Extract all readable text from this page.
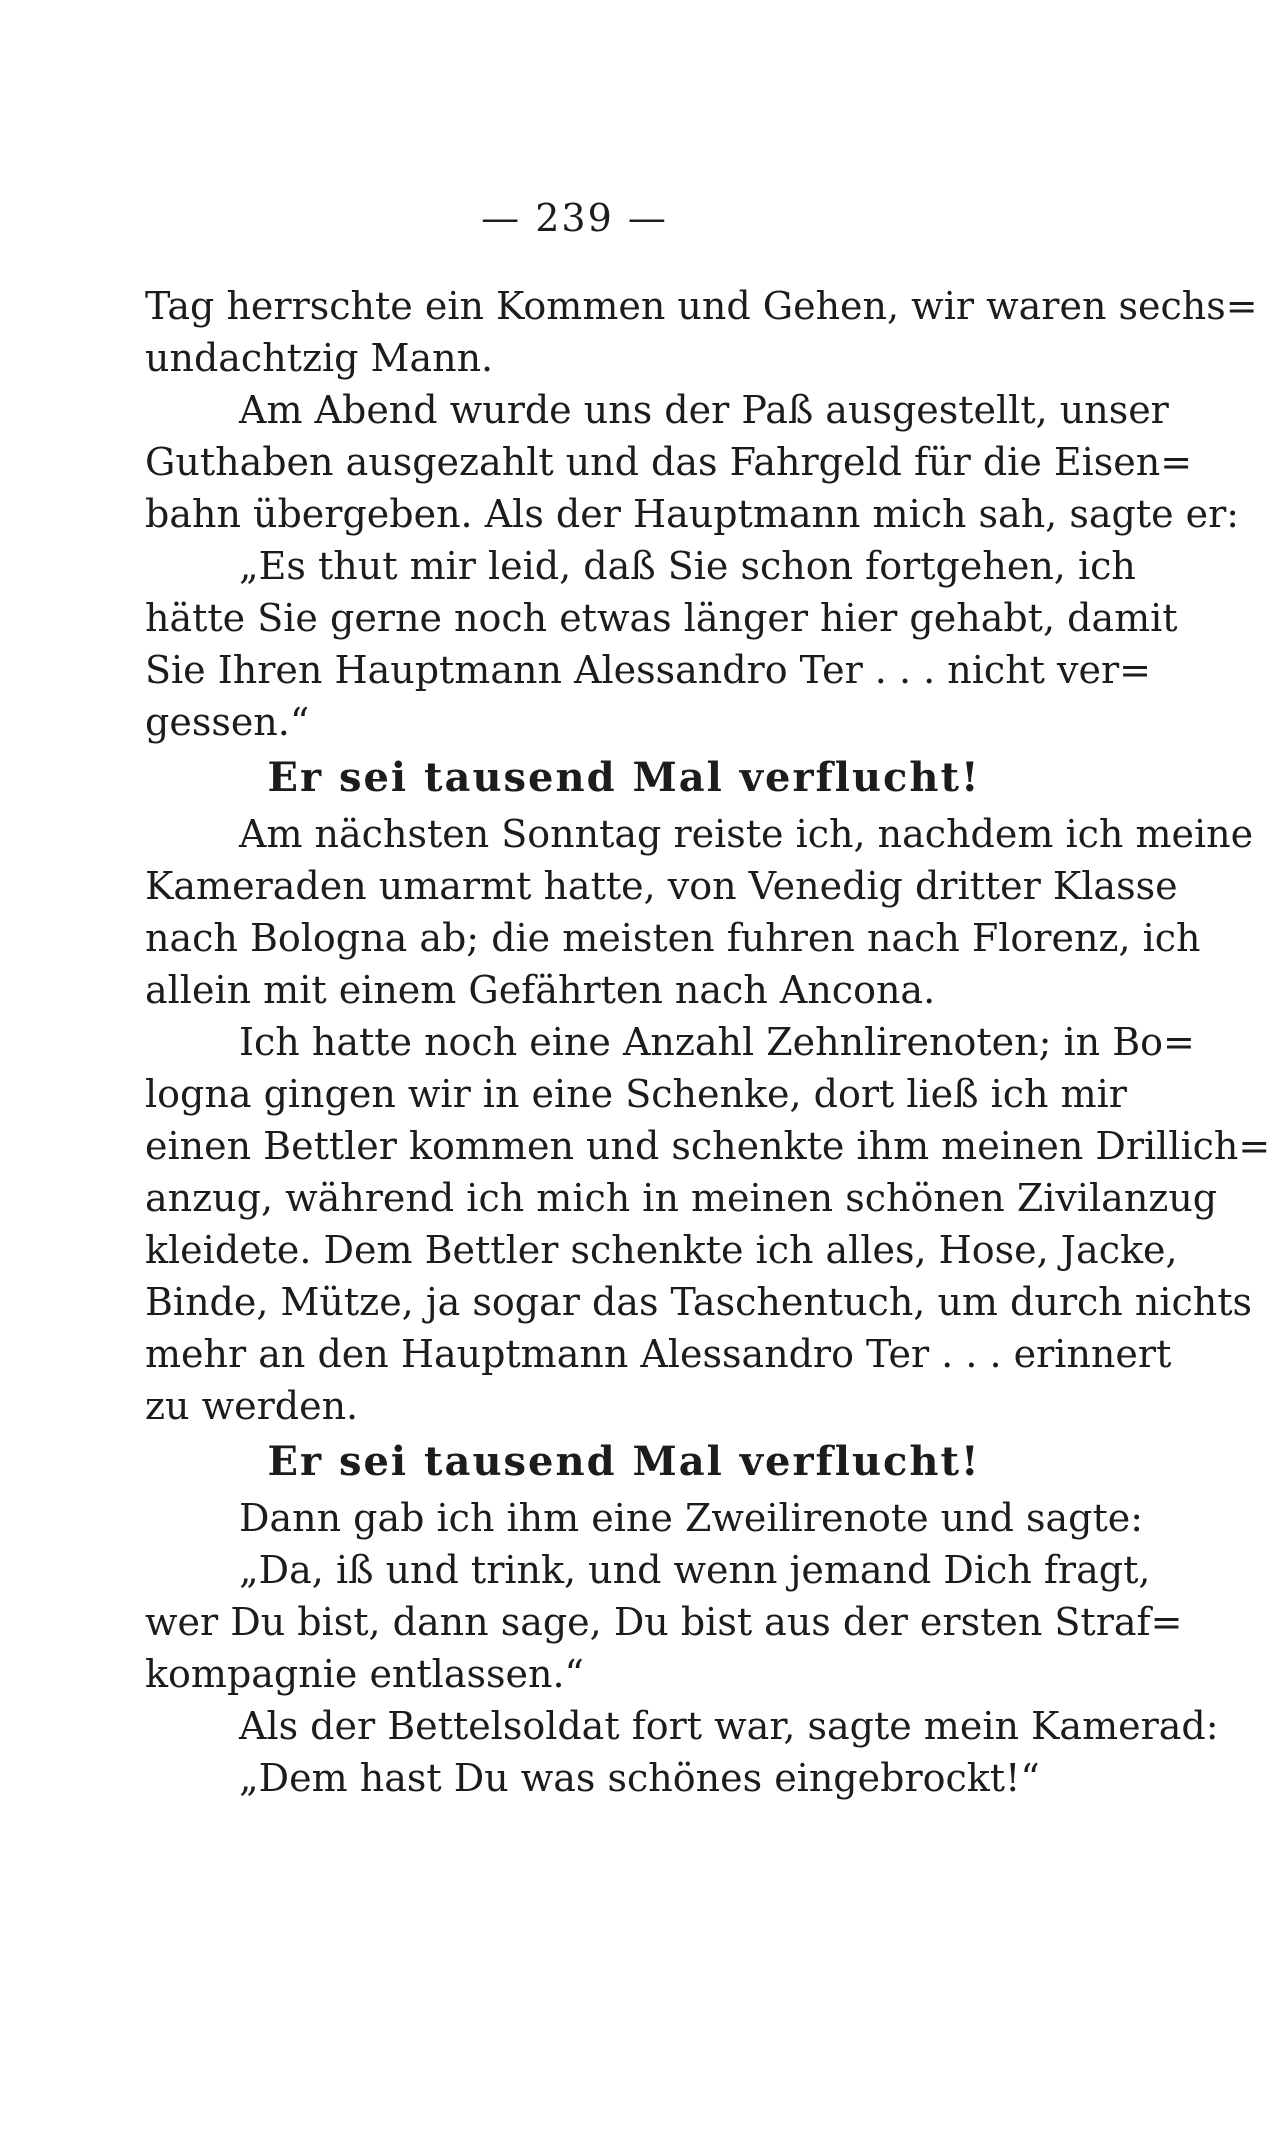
— 239 —
Tag herrschte ein Kommen und Gehen, wir waren sechs=
undachtzig Mann.
Am Abend wurde uns der Paß ausgestellt, unser
Guthaben ausgezahlt und das Fahrgeld für die Eisen=
bahn übergeben. Als der Hauptmann mich sah, sagte er:
„Es thut mir leid, daß Sie schon fortgehen, ich
hätte Sie gerne noch etwas länger hier gehabt, damit
Sie Ihren Hauptmann Alessandro Ter . . . nicht ver=
gessen.“
Er sei tausend Mal verflucht!
Am nächsten Sonntag reiste ich, nachdem ich meine
Kameraden umarmt hatte, von Venedig dritter Klasse
nach Bologna ab; die meisten fuhren nach Florenz, ich
allein mit einem Gefährten nach Ancona.
Ich hatte noch eine Anzahl Zehnlirenoten; in Bo=
logna gingen wir in eine Schenke, dort ließ ich mir
einen Bettler kommen und schenkte ihm meinen Drillich=
anzug, während ich mich in meinen schönen Zivilanzug
kleidete. Dem Bettler schenkte ich alles, Hose, Jacke,
Binde, Mütze, ja sogar das Taschentuch, um durch nichts
mehr an den Hauptmann Alessandro Ter . . . erinnert
zu werden.
Er sei tausend Mal verflucht!
Dann gab ich ihm eine Zweilirenote und sagte:
„Da, iß und trink, und wenn jemand Dich fragt,
wer Du bist, dann sage, Du bist aus der ersten Straf=
kompagnie entlassen.“
Als der Bettelsoldat fort war, sagte mein Kamerad:
„Dem hast Du was schönes eingebrockt!“
